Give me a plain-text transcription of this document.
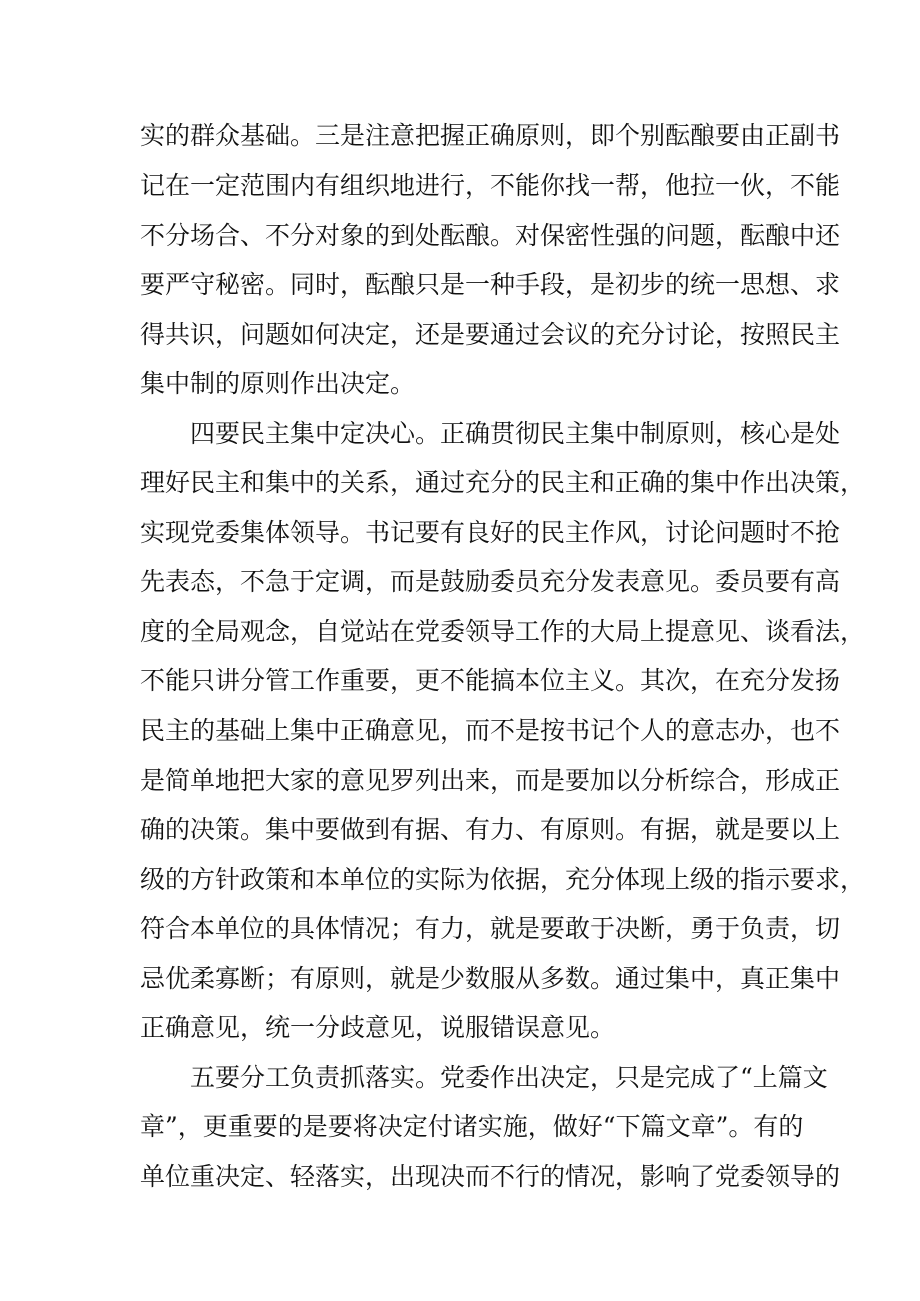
实的群众基础。三是注意把握正确原则，即个别酝酿要由正副书
记在一定范围内有组织地进行，不能你找一帮，他拉一伙，不能
不分场合、不分对象的到处酝酿。对保密性强的问题，酝酿中还
要严守秘密。同时，酝酿只是一种手段，是初步的统一思想、求
得共识，问题如何决定，还是要通过会议的充分讨论，按照民主
集中制的原则作出决定。
四要民主集中定决心。正确贯彻民主集中制原则，核心是处
理好民主和集中的关系，通过充分的民主和正确的集中作出决策，
实现党委集体领导。书记要有良好的民主作风，讨论问题时不抢
先表态，不急于定调，而是鼓励委员充分发表意见。委员要有高
度的全局观念，自觉站在党委领导工作的大局上提意见、谈看法，
不能只讲分管工作重要，更不能搞本位主义。其次，在充分发扬
民主的基础上集中正确意见，而不是按书记个人的意志办，也不
是简单地把大家的意见罗列出来，而是要加以分析综合，形成正
确的决策。集中要做到有据、有力、有原则。有据，就是要以上
级的方针政策和本单位的实际为依据，充分体现上级的指示要求，
符合本单位的具体情况；有力，就是要敢于决断，勇于负责，切
忌优柔寡断；有原则，就是少数服从多数。通过集中，真正集中
正确意见，统一分歧意见，说服错误意见。
五要分工负责抓落实。党委作出决定，只是完成了“上篇文
章”，更重要的是要将决定付诸实施，做好“下篇文章”。有的
单位重决定、轻落实，出现决而不行的情况，影响了党委领导的
